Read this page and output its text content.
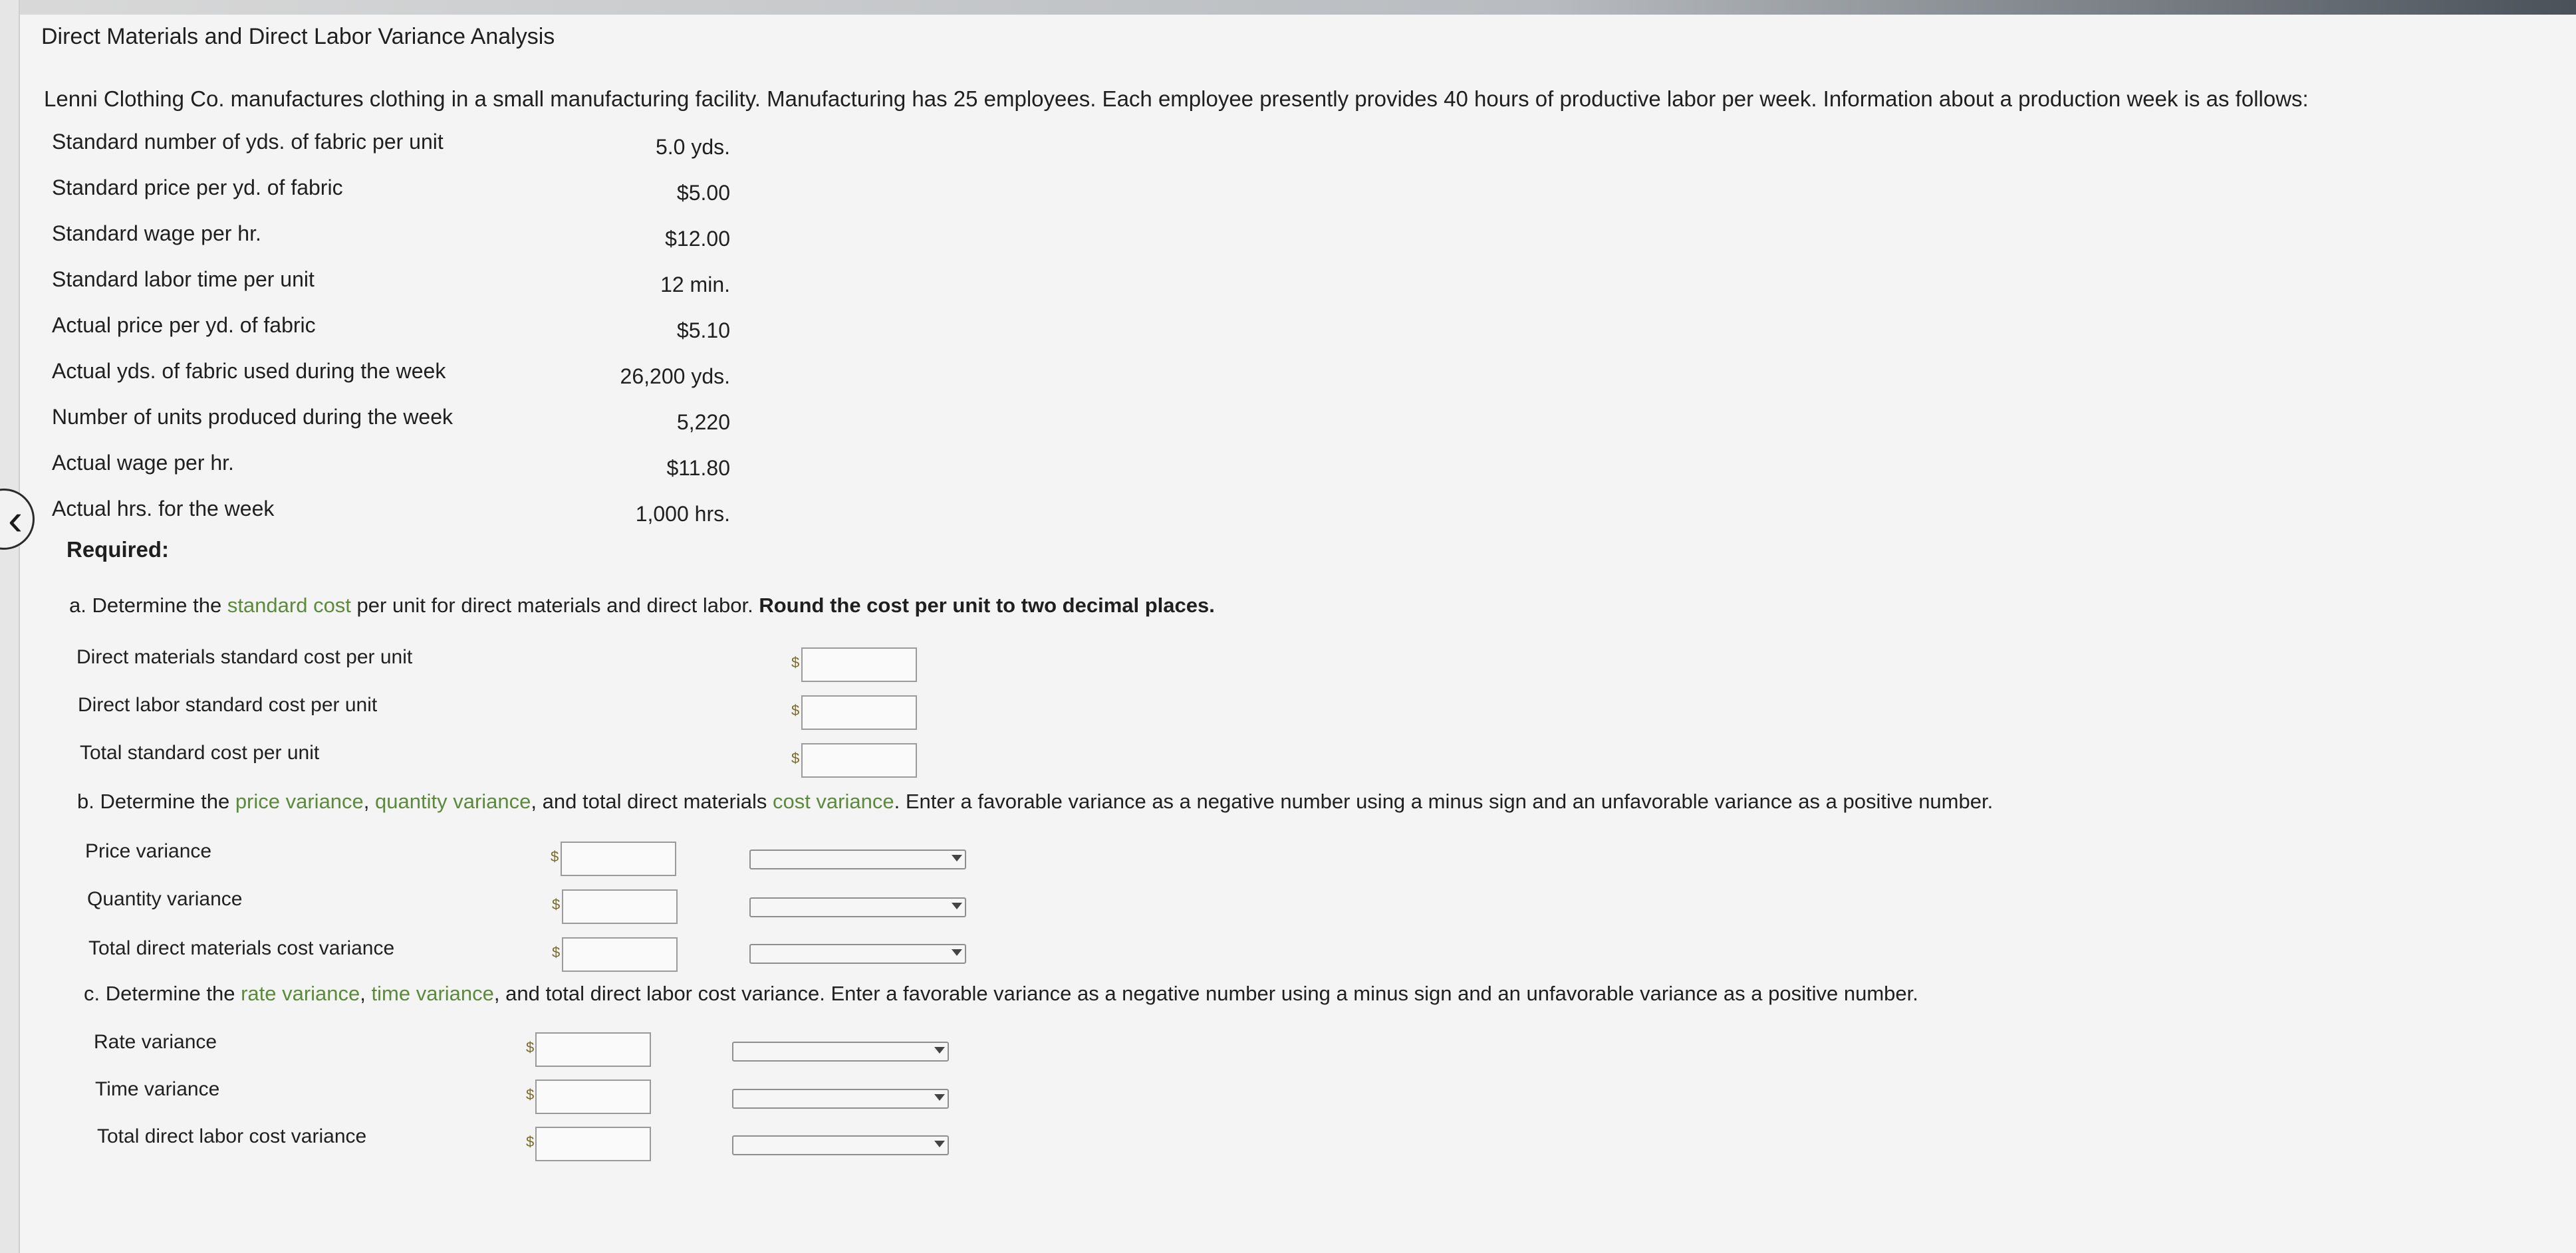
‹
Direct Materials and Direct Labor Variance Analysis
Lenni Clothing Co. manufactures clothing in a small manufacturing facility. Manufacturing has 25 employees. Each employee presently provides 40 hours of productive labor per week. Information about a production week is as follows:
Standard number of yds. of fabric per unit	5.0 yds.
Standard price per yd. of fabric	$5.00
Standard wage per hr.	$12.00
Standard labor time per unit	12 min.
Actual price per yd. of fabric	$5.10
Actual yds. of fabric used during the week	26,200 yds.
Number of units produced during the week	5,220
Actual wage per hr.	$11.80
Actual hrs. for the week	1,000 hrs.
Required:
a. Determine the standard cost per unit for direct materials and direct labor. Round the cost per unit to two decimal places.
Direct materials standard cost per unit	$
Direct labor standard cost per unit	$
Total standard cost per unit	$
b. Determine the price variance, quantity variance, and total direct materials cost variance. Enter a favorable variance as a negative number using a minus sign and an unfavorable variance as a positive number.
Price variance	$
Quantity variance	$
Total direct materials cost variance	$
c. Determine the rate variance, time variance, and total direct labor cost variance. Enter a favorable variance as a negative number using a minus sign and an unfavorable variance as a positive number.
Rate variance	$
Time variance	$
Total direct labor cost variance	$
